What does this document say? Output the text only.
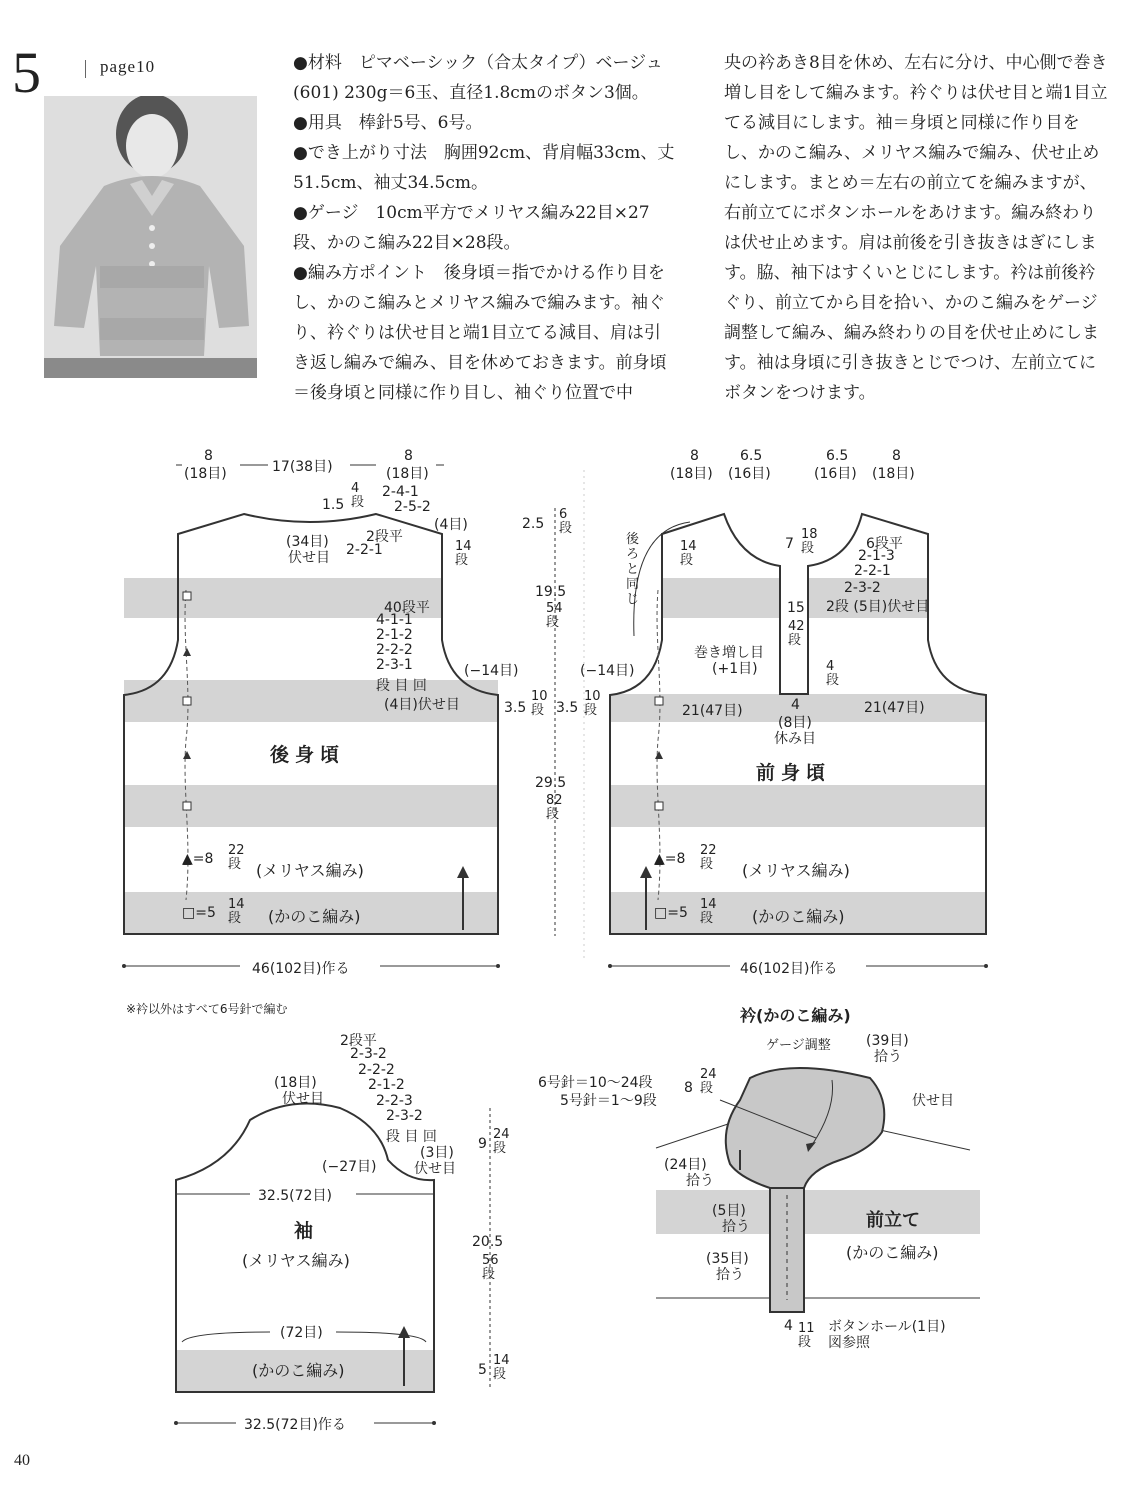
5	page10	●材料　ピマベーシック（合太タイプ）ベージュ(601) 230g＝6玉、直径1.8cmのボタン3個。

●用具　棒針5号、6号。

●でき上がり寸法　胸囲92cm、背肩幅33cm、丈51.5cm、袖丈34.5cm。

●ゲージ　10cm平方でメリヤス編み22目×27段、かのこ編み22目×28段。

●編み方ポイント　後身頃＝指でかける作り目をし、かのこ編みとメリヤス編みで編みます。袖ぐり、衿ぐりは伏せ目と端1目立てる減目、肩は引き返し編みで編み、目を休めておきます。前身頃＝後身頃と同様に作り目し、袖ぐり位置で中

央の衿あき8目を休め、左右に分け、中心側で巻き増し目をして編みます。衿ぐりは伏せ目と端1目立てる減目にします。袖＝身頃と同様に作り目をし、かのこ編み、メリヤス編みで編み、伏せ止めにします。まとめ＝左右の前立てを編みますが、右前立てにボタンホールをあけます。編み終わりは伏せ止めます。肩は前後を引き抜きはぎにします。脇、袖下はすくいとじにします。衿は前後衿ぐり、前立てから目を拾い、かのこ編みをゲージ調整して編み、編み終わりの目を伏せ止めにします。袖は身頃に引き抜きとじでつけ、左前立てにボタンをつけます。

8
(18目)	17(38目)
8
(18目)
1.5
4段
2-4-1
2-5-2
(4目)
(34目)
伏せ目
2段平
2-2-1	14段
40段平
4-1-1
2-1-2
2-2-2
2-3-1
段 目 回
(4目)伏せ目
(−14目)
3.5
10段
後身頃
▲=8
22段 (メリヤス編み)
□=5
14段 (かのこ編み)
46(102目)作る
2.5
6段
19.5
54段
29.5
82段
8
(18目)
6.5
(16目)
6.5
(16目)
8
(18目)
後ろと同じ
14段
7
18段	6段平
2-1-3
2-2-1
2-3-2
2段 (5目)伏せ目
15
42段
巻き増し目
(+1目)	4段
(−14目)
3.5
10段	21(47目)	21(47目)
4
(8目)
休み目
前身頃
▲=8
22段 (メリヤス編み)
□=5
14段 (かのこ編み)
46(102目)作る
※衿以外はすべて6号針で編む
2段平
2-3-2
2-2-2
2-1-2
2-2-3
2-3-2
段 目 回
(3目)
伏せ目
(18目)
伏せ目
(−27目)
32.5(72目)
袖
(メリヤス編み)
(72目)
(かのこ編み)
32.5(72目)作る
9
24段
20.5
56段
5
14段
衿(かのこ編み)
ゲージ調整	(39目)
拾う
伏せ目
6号針＝10〜24段
5号針＝1〜9段
8
24段
(24目)
拾う
(5目)
拾う
(35目)
拾う
前立て
(かのこ編み)
ボタンホール(1目)
図参照
4 11段
40
